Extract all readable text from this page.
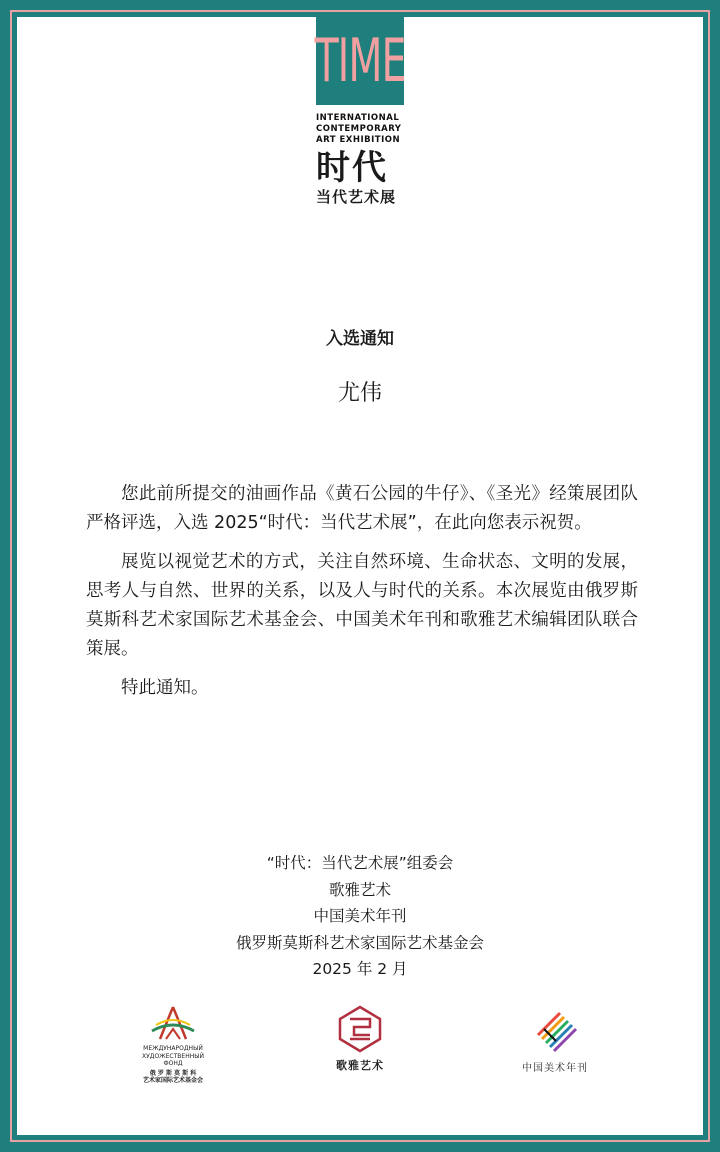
TIME
INTERNATIONAL
CONTEMPORARY
ART EXHIBITION
时代
当代艺术展
入选通知
尤伟

您此前所提交的油画作品《黄石公园的牛仔》、《圣光》经策展团队严格评选，入选 2025“时代：当代艺术展”，在此向您表示祝贺。

展览以视觉艺术的方式，关注自然环境、生命状态、文明的发展，思考人与自然、世界的关系，以及人与时代的关系。本次展览由俄罗斯莫斯科艺术家国际艺术基金会、中国美术年刊和歌雅艺术编辑团队联合策展。

特此通知。

“时代：当代艺术展”组委会
歌雅艺术
中国美术年刊
俄罗斯莫斯科艺术家国际艺术基金会
2025 年 2 月
МЕЖДУНАРОДНЫЙ
ХУДОЖЕСТВЕННЫЙ
ФОНД
俄 罗 斯 莫 斯 科
艺术家国际艺术基金会
歌雅艺术	中国美术年刊
